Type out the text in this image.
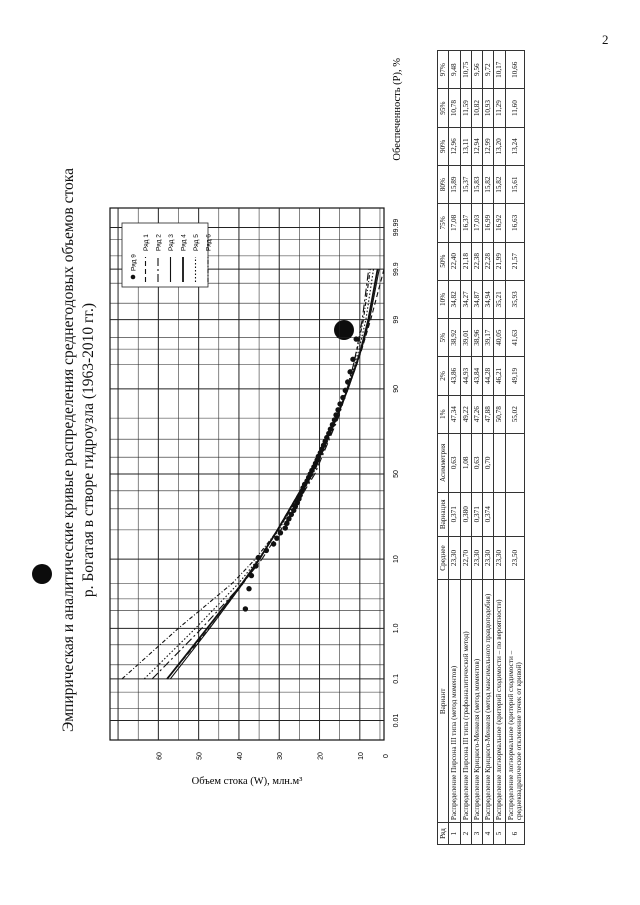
2
Эмпирическая и аналитические кривые распределения среднегодовых объемов стока р. Богатая в створе гидроузла (1963-2010 гг.)
0.01
0.1
1.0
10
50
90
99
99.9
99.99
0
10
20
30
40
50
60
Обеспеченность (P), %
Объем стока (W), млн.м³
Ряд 9
Ряд 1 Ряд 2 Ряд 3 Ряд 4 Ряд 5 Ряд 6
Ряд	Вариант	Среднее	Вариация	Асимметрия	1%	2%	5%	10%	50%	75%	80%	90%	95%	97%
1	Распределение Пирсона III типа (метод моментов)	23,30	0,371	0,63	47,34	43,86	38,92	34,82	22,40	17,08	15,89	12,96	10,78	9,48
2	Распределение Пирсона III типа (графоаналитический метод)	22,70	0,380	1,08	49,22	44,93	39,01	34,27	21,18	16,37	15,37	13,11	11,59	10,75
3	Распределение Крицкого-Менкеля (метод моментов)	23,30	0,371	0,63	47,26	43,84	38,96	34,87	22,38	17,03	15,83	12,94	10,82	9,56
4	Распределение Крицкого-Менкеля (метод максимального правдоподобия)	23,30	0,374	0,70	47,88	44,28	39,17	34,94	22,28	16,99	15,82	12,99	10,93	9,72
5	Распределение логнормальное (критерий сходимости – по вероятности)	23,30			50,78	46,21	40,05	35,21	21,99	16,92	15,82	13,20	11,29	10,17
6	Распределение логнормальное (критерий сходимости – среднеквадратическое отклонение точек от кривой)	23,50			55,02	49,19	41,63	35,93	21,57	16,63	15,61	13,24	11,60	10,66
